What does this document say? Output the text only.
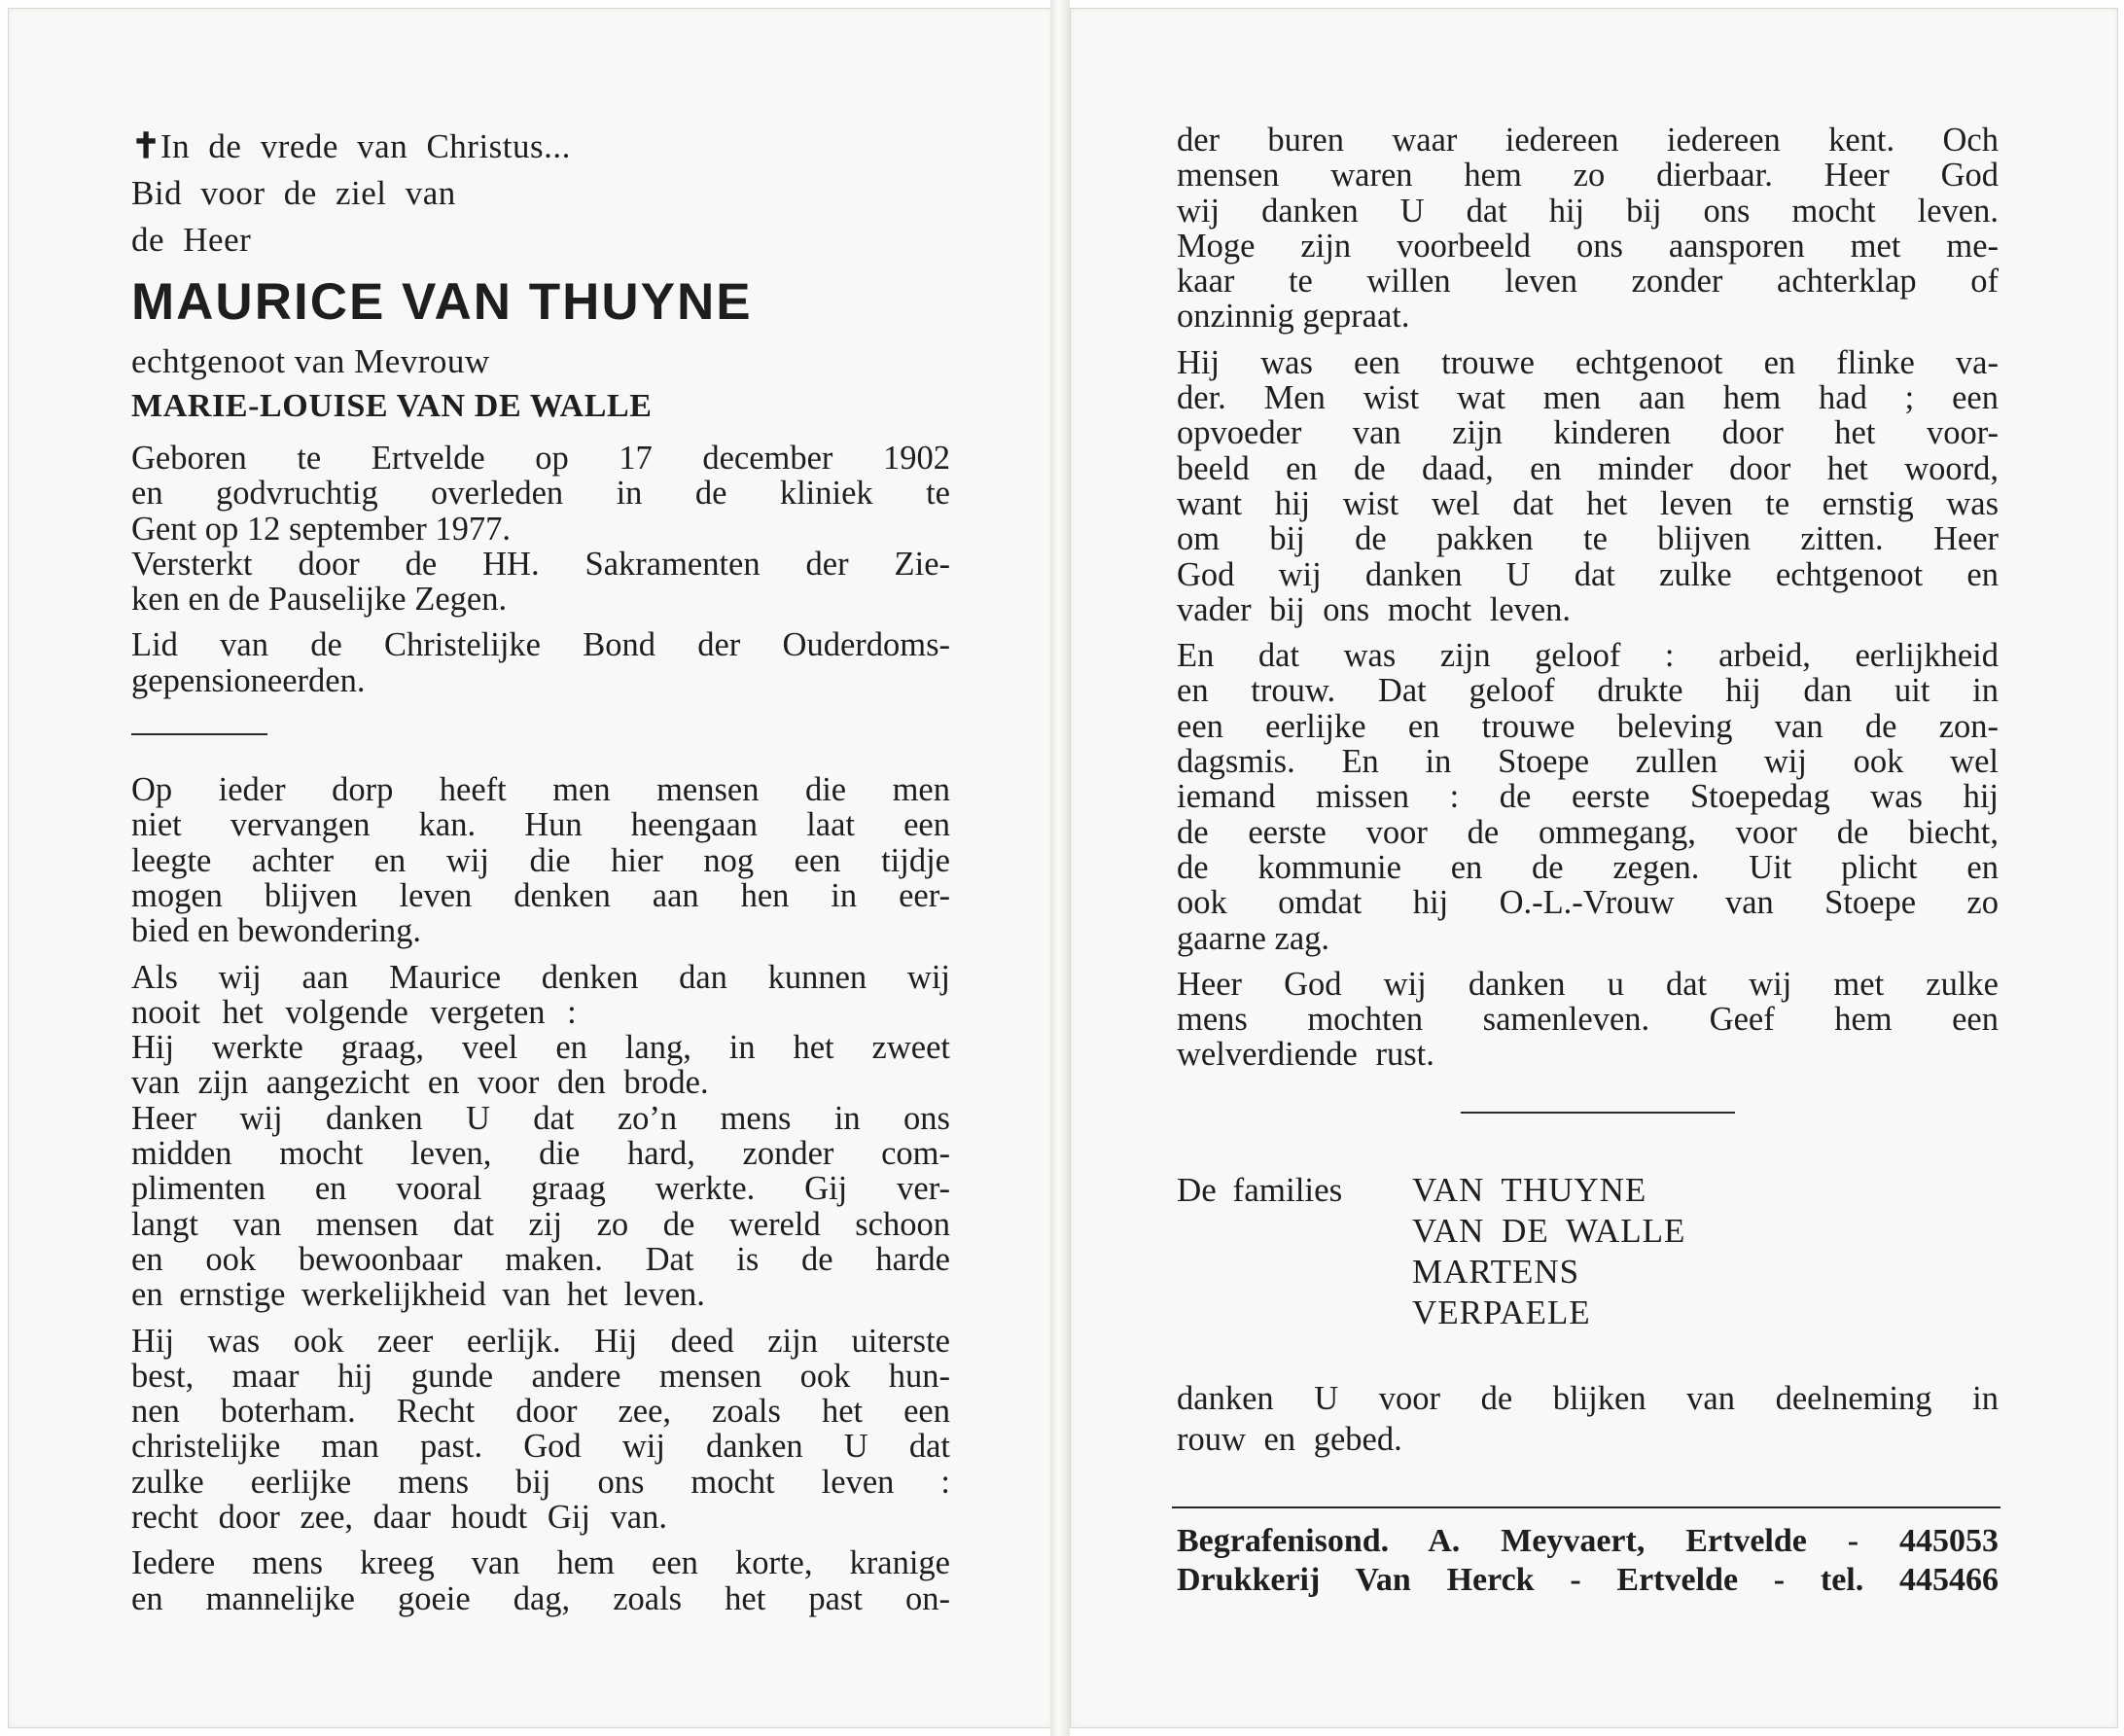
✝In de vrede van Christus...
Bid voor de ziel van
de Heer
MAURICE VAN THUYNE
echtgenoot van Mevrouw
MARIE-LOUISE VAN DE WALLE

Geboren te Ertvelde op 17 december 1902

en godvruchtig overleden in de kliniek te

Gent op 12 september 1977.

Versterkt door de HH. Sakramenten der Zie-

ken en de Pauselijke Zegen.

Lid van de Christelijke Bond der Ouderdoms-

gepensioneerden.

Op ieder dorp heeft men mensen die men

niet vervangen kan. Hun heengaan laat een

leegte achter en wij die hier nog een tijdje

mogen blijven leven denken aan hen in eer-

bied en bewondering.

Als wij aan Maurice denken dan kunnen wij

nooit het volgende vergeten :

Hij werkte graag, veel en lang, in het zweet

van zijn aangezicht en voor den brode.

Heer wij danken U dat zo’n mens in ons

midden mocht leven, die hard, zonder com-

plimenten en vooral graag werkte. Gij ver-

langt van mensen dat zij zo de wereld schoon

en ook bewoonbaar maken. Dat is de harde

en ernstige werkelijkheid van het leven.

Hij was ook zeer eerlijk. Hij deed zijn uiterste

best, maar hij gunde andere mensen ook hun-

nen boterham. Recht door zee, zoals het een

christelijke man past. God wij danken U dat

zulke eerlijke mens bij ons mocht leven :

recht door zee, daar houdt Gij van.

Iedere mens kreeg van hem een korte, kranige

en mannelijke goeie dag, zoals het past on-

der buren waar iedereen iedereen kent. Och

mensen waren hem zo dierbaar. Heer God

wij danken U dat hij bij ons mocht leven.

Moge zijn voorbeeld ons aansporen met me-

kaar te willen leven zonder achterklap of

onzinnig gepraat.

Hij was een trouwe echtgenoot en flinke va-

der. Men wist wat men aan hem had ; een

opvoeder van zijn kinderen door het voor-

beeld en de daad, en minder door het woord,

want hij wist wel dat het leven te ernstig was

om bij de pakken te blijven zitten. Heer

God wij danken U dat zulke echtgenoot en

vader bij ons mocht leven.

En dat was zijn geloof : arbeid, eerlijkheid

en trouw. Dat geloof drukte hij dan uit in

een eerlijke en trouwe beleving van de zon-

dagsmis. En in Stoepe zullen wij ook wel

iemand missen : de eerste Stoepedag was hij

de eerste voor de ommegang, voor de biecht,

de kommunie en de zegen. Uit plicht en

ook omdat hij O.-L.-Vrouw van Stoepe zo

gaarne zag.

Heer God wij danken u dat wij met zulke

mens mochten samenleven. Geef hem een

welverdiende rust.

De families	VAN THUYNE
VAN DE WALLE
MARTENS
VERPAELE

danken U voor de blijken van deelneming in

rouw en gebed.

Begrafenisond. A. Meyvaert, Ertvelde - 445053

Drukkerij Van Herck - Ertvelde - tel. 445466
